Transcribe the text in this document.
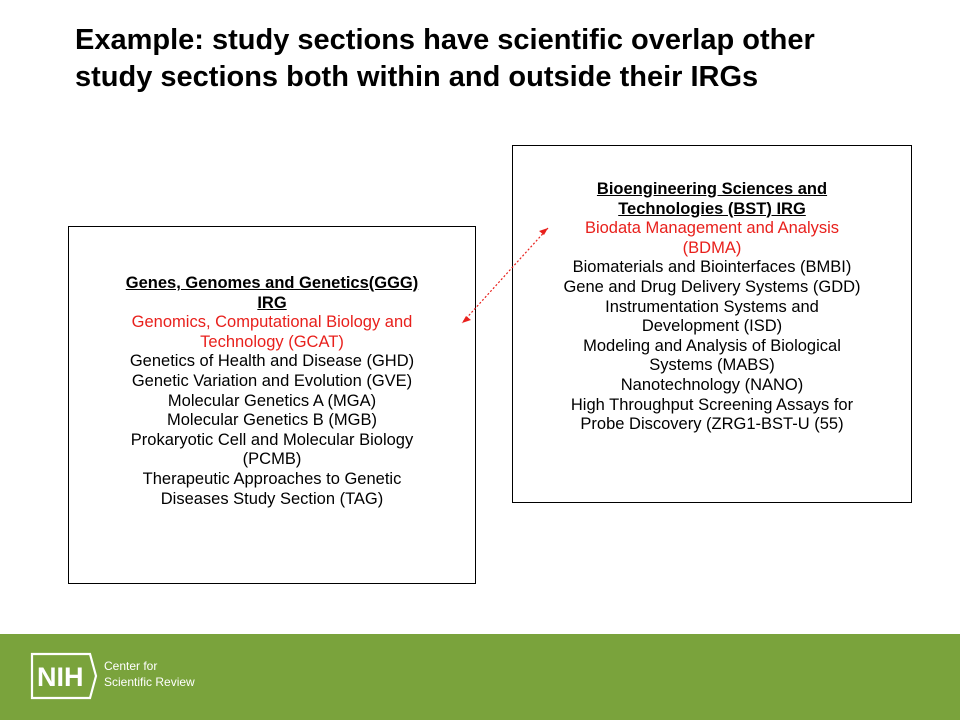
Example: study sections have scientific overlap other study sections both within and outside their IRGs
Genes, Genomes and Genetics(GGG)
IRG
Genomics, Computational Biology and
Technology (GCAT)
Genetics of Health and Disease (GHD)
Genetic Variation and Evolution (GVE)
Molecular Genetics A (MGA)
Molecular Genetics B (MGB)
Prokaryotic Cell and Molecular Biology
(PCMB)
Therapeutic Approaches to Genetic
Diseases Study Section (TAG)
Bioengineering Sciences and
Technologies (BST) IRG
Biodata Management and Analysis
(BDMA)
Biomaterials and Biointerfaces (BMBI)
Gene and Drug Delivery Systems (GDD)
Instrumentation Systems and
Development (ISD)
Modeling and Analysis of Biological
Systems (MABS)
Nanotechnology (NANO)
High Throughput Screening Assays for
Probe Discovery (ZRG1-BST-U (55)
NIH Center for
Scientific Review
